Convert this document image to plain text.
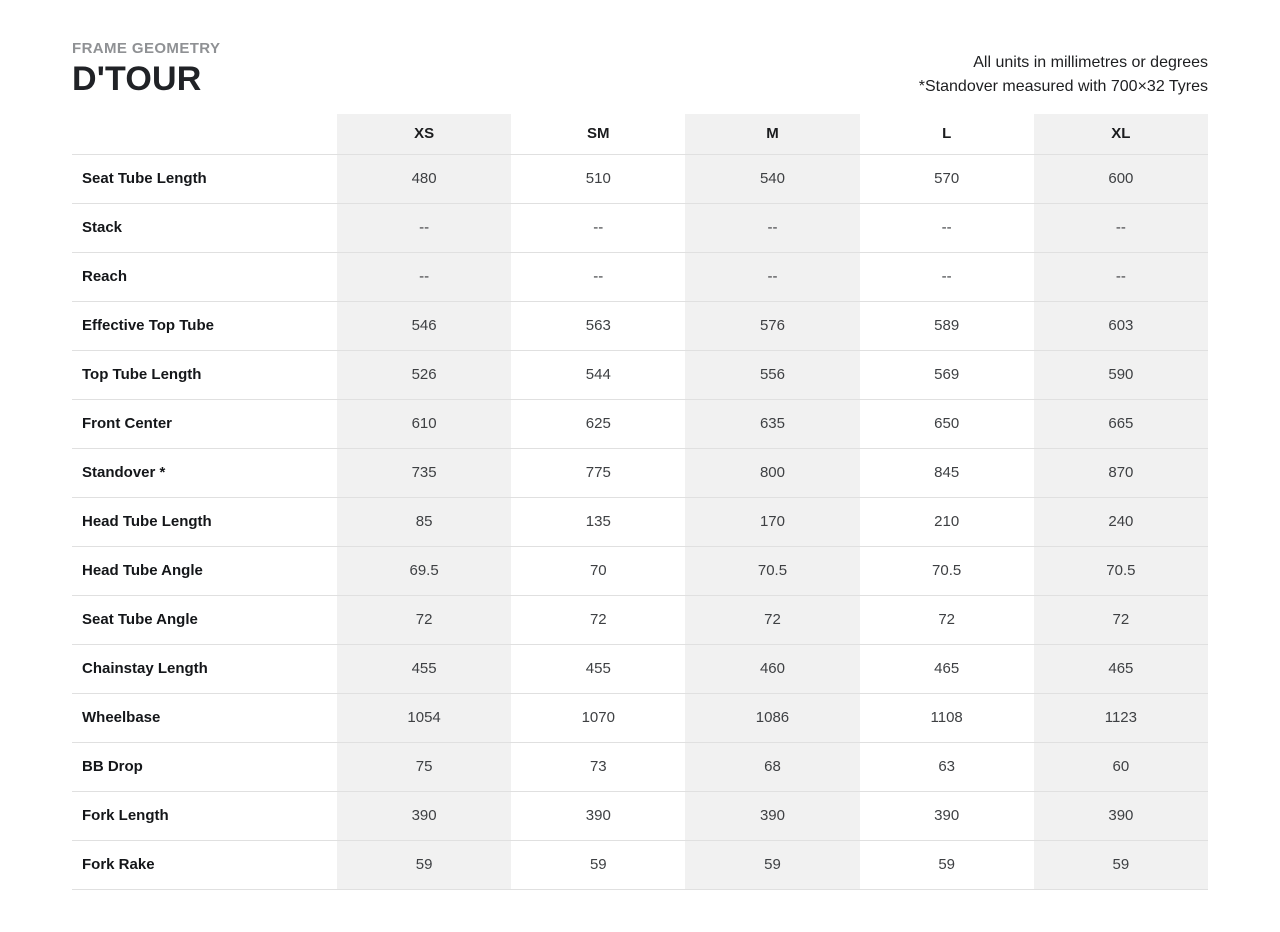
FRAME GEOMETRY
D'TOUR	All units in millimetres or degrees
*Standover measured with 700×32 Tyres
	XS	SM	M	L	XL
Seat Tube Length	480	510	540	570	600
Stack	--	--	--	--	--
Reach	--	--	--	--	--
Effective Top Tube	546	563	576	589	603
Top Tube Length	526	544	556	569	590
Front Center	610	625	635	650	665
Standover *	735	775	800	845	870
Head Tube Length	85	135	170	210	240
Head Tube Angle	69.5	70	70.5	70.5	70.5
Seat Tube Angle	72	72	72	72	72
Chainstay Length	455	455	460	465	465
Wheelbase	1054	1070	1086	1108	1123
BB Drop	75	73	68	63	60
Fork Length	390	390	390	390	390
Fork Rake	59	59	59	59	59
